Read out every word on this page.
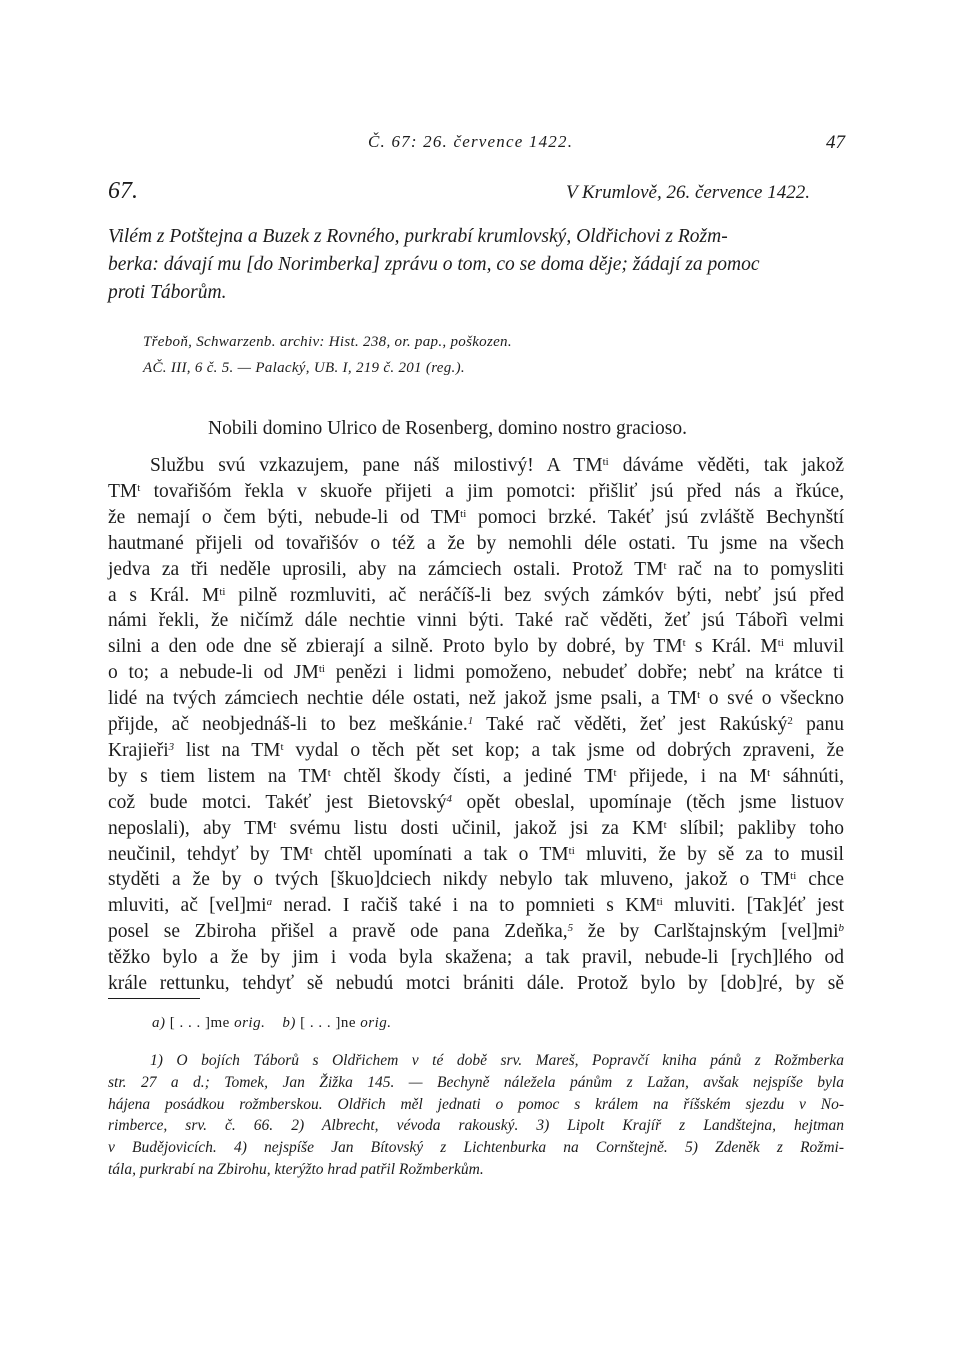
Č. 67: 26. července 1422.	47
67.	V Krumlově, 26. července 1422.
Vilém z Potštejna a Buzek z Rovného, purkrabí krumlovský, Oldřichovi z Rožm-
berka: dávají mu [do Norimberka] zprávu o tom, co se doma děje; žádají za pomoc
proti Táborům.
Třeboň, Schwarzenb. archiv: Hist. 238, or. pap., poškozen.
AČ. III, 6 č. 5. — Palacký, UB. I, 219 č. 201 (reg.).
Nobili domino Ulrico de Rosenberg, domino nostro gracioso.
Službu svú vzkazujem, pane náš milostivý! A $TM^{ti}$ dáváme věděti, tak jakož
$TM^t$ tovařišóm řekla v skuoře přijeti a jim pomotci: přišliť jsú před nás a řkúce,
že nemají o čem býti, nebude-li od $TM^{ti}$ pomoci brzké. Takéť jsú zvláště Bechynští
hautmané přijeli od tovařišóv o též a že by nemohli déle ostati. Tu jsme na všech
jedva za tři neděle uprosili, aby na zámciech ostali. Protož $TM^t$ rač na to pomysliti
a s Král. $M^{ti}$ pilně rozmluviti, ač neráčíš-li bez svých zámkóv býti, nebť jsú před
námi řekli, že ničímž dále nechtie vinni býti. Také rač věděti, žeť jsú Tábořì velmi
silni a den ode dne sě zbierají a silně. Proto bylo by dobré, by $TM^t$ s Král. $M^{ti}$ mluvil
o to; a nebude-li od $JM^{ti}$ penězi i lidmi pomoženo, nebudeť dobře; nebť na krátce ti
lidé na tvých zámciech nechtie déle ostati, než jakož jsme psali, a $TM^t$ o své o všeckno
přijde, ač neobjednáš-li to bez meškánie.$^1$ Také rač věděti, žeť jest Rakúský$^2$ panu
Krajieři$^3$ list na $TM^t$ vydal o těch pět set kop; a tak jsme od dobrých zpraveni, že
by s tiem listem na $TM^t$ chtěl škody čísti, a jediné $TM^t$ přijede, i na $M^t$ sáhnúti,
což bude motci. Takéť jest Bietovský$^4$ opět obeslal, upomínaje (těch jsme listuov
neposlali), aby $TM^t$ svému listu dosti učinil, jakož jsi za $KM^t$ slíbil; pakliby toho
neučinil, tehdyť by $TM^t$ chtěl upomínati a tak o $TM^{ti}$ mluviti, že by sě za to musil
styděti a že by o tvých [škuo]dciech nikdy nebylo tak mluveno, jakož o $TM^{ti}$ chce
mluviti, ač $[vel]mi^a$ nerad. I račiš také i na to pomnieti s $KM^{ti}$ mluviti. [Tak]éť jest
posel se Zbiroha přišel a pravě ode pana Zdeňka,$^5$ že by Carlštajnským $[vel]mi^b$
těžko bylo a že by jim i voda byla skažena; a tak pravil, nebude-li [rych]lého od
krále rettunku, tehdyť sě nebudú motci brániti dále. Protož bylo by [dob]ré, by sě
a) [ . . . ]me orig. b) [ . . . ]ne orig.
1) O bojích Táborů s Oldřichem v té době srv. Mareš, Popravčí kniha pánů z Rožmberka
str. 27 a d.; Tomek, Jan Žižka 145. — Bechyně náležela pánům z Lažan, avšak nejspíše byla
hájena posádkou rožmberskou. Oldřich měl jednati o pomoc s králem na říšském sjezdu v No-
rimberce, srv. č. 66. 2) Albrecht, vévoda rakouský. 3) Lipolt Krajíř z Landštejna, hejtman
v Budějovicích. 4) nejspíše Jan Bítovský z Lichtenburka na Cornštejně. 5) Zdeněk z Rožmi-
tála, purkrabí na Zbirohu, kterýžto hrad patřil Rožmberkům.
